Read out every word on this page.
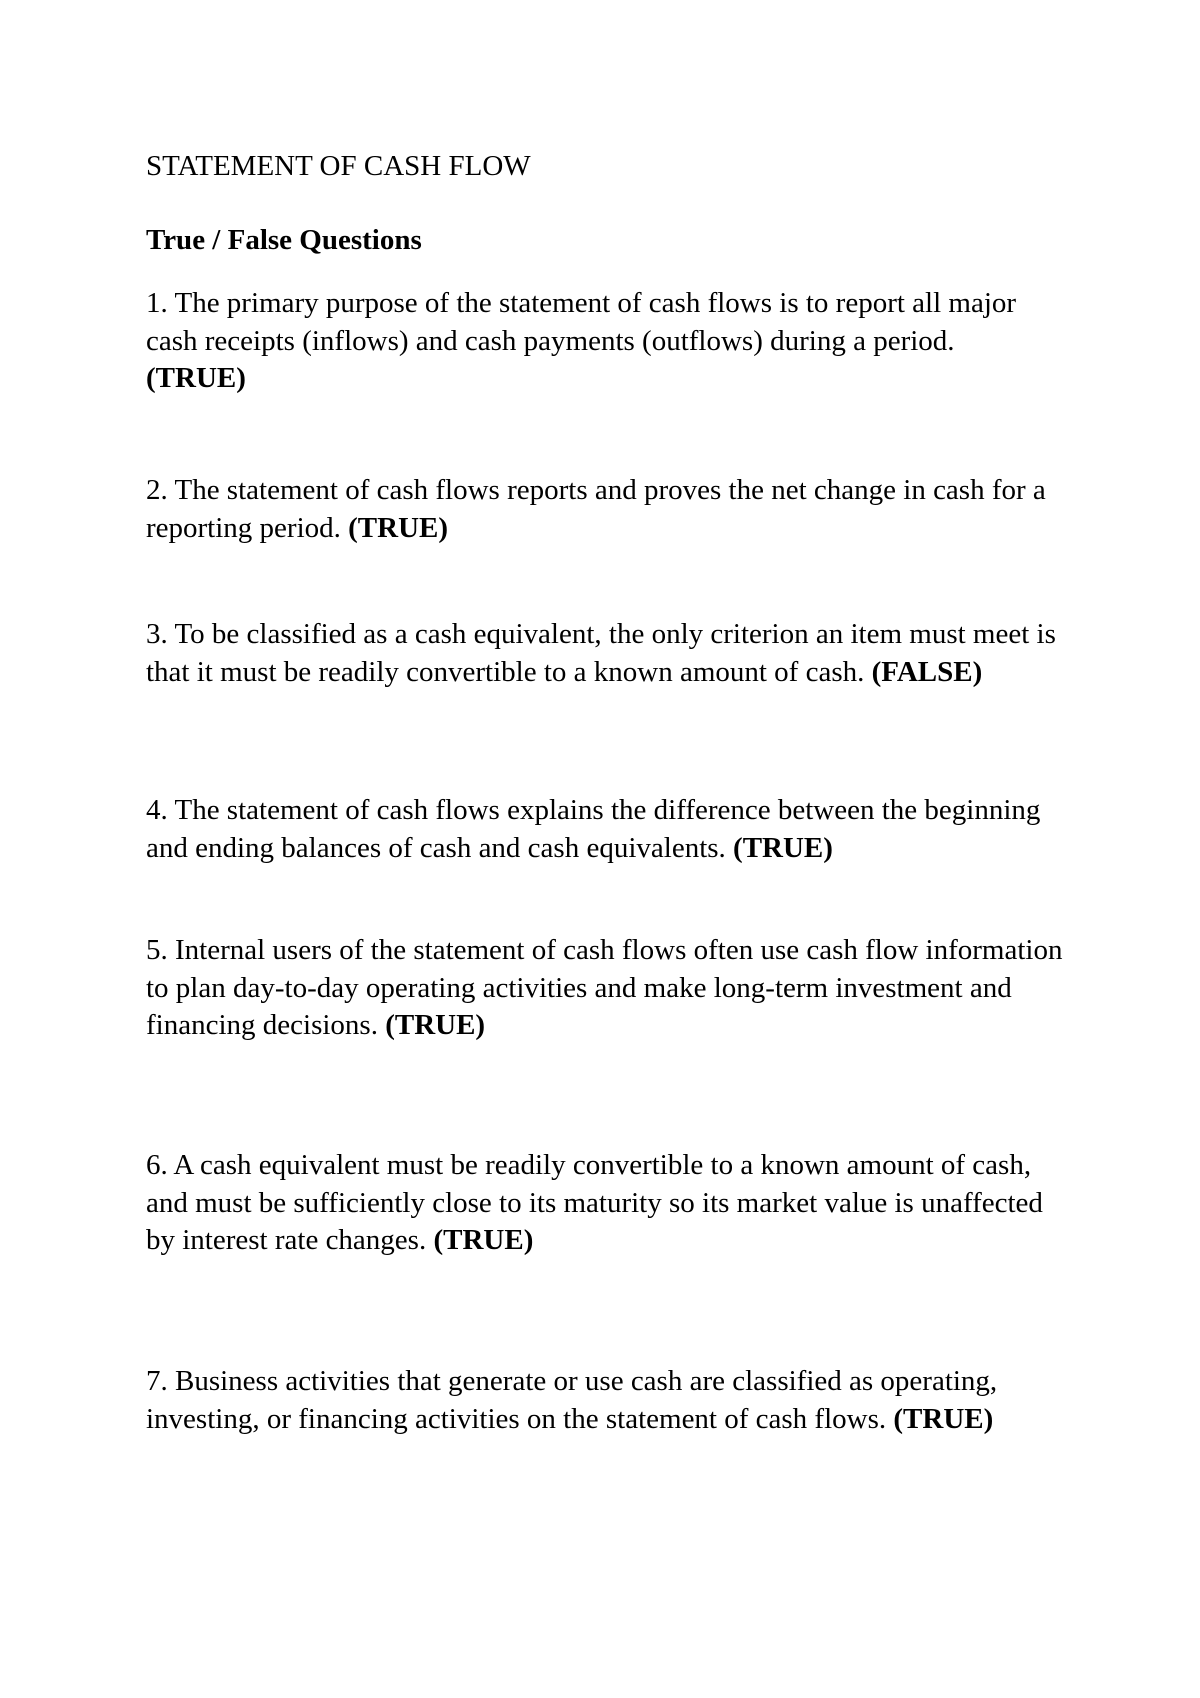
STATEMENT OF CASH FLOW
True / False Questions

1. The primary purpose of the statement of cash flows is to report all major cash receipts (inflows) and cash payments (outflows) during a period.  (TRUE)

2. The statement of cash flows reports and proves the net change in cash for a reporting period. (TRUE)

3. To be classified as a cash equivalent, the only criterion an item must meet is that it must be readily convertible to a known amount of cash. (FALSE)

4. The statement of cash flows explains the difference between the beginning and ending balances of cash and cash equivalents. (TRUE)

5. Internal users of the statement of cash flows often use cash flow information to plan day-to-day operating activities and make long-term investment and financing decisions. (TRUE)

6. A cash equivalent must be readily convertible to a known amount of cash, and must be sufficiently close to its maturity so its market value is unaffected by interest rate changes. (TRUE)

7. Business activities that generate or use cash are classified as operating, investing, or financing activities on the statement of cash flows. (TRUE)
